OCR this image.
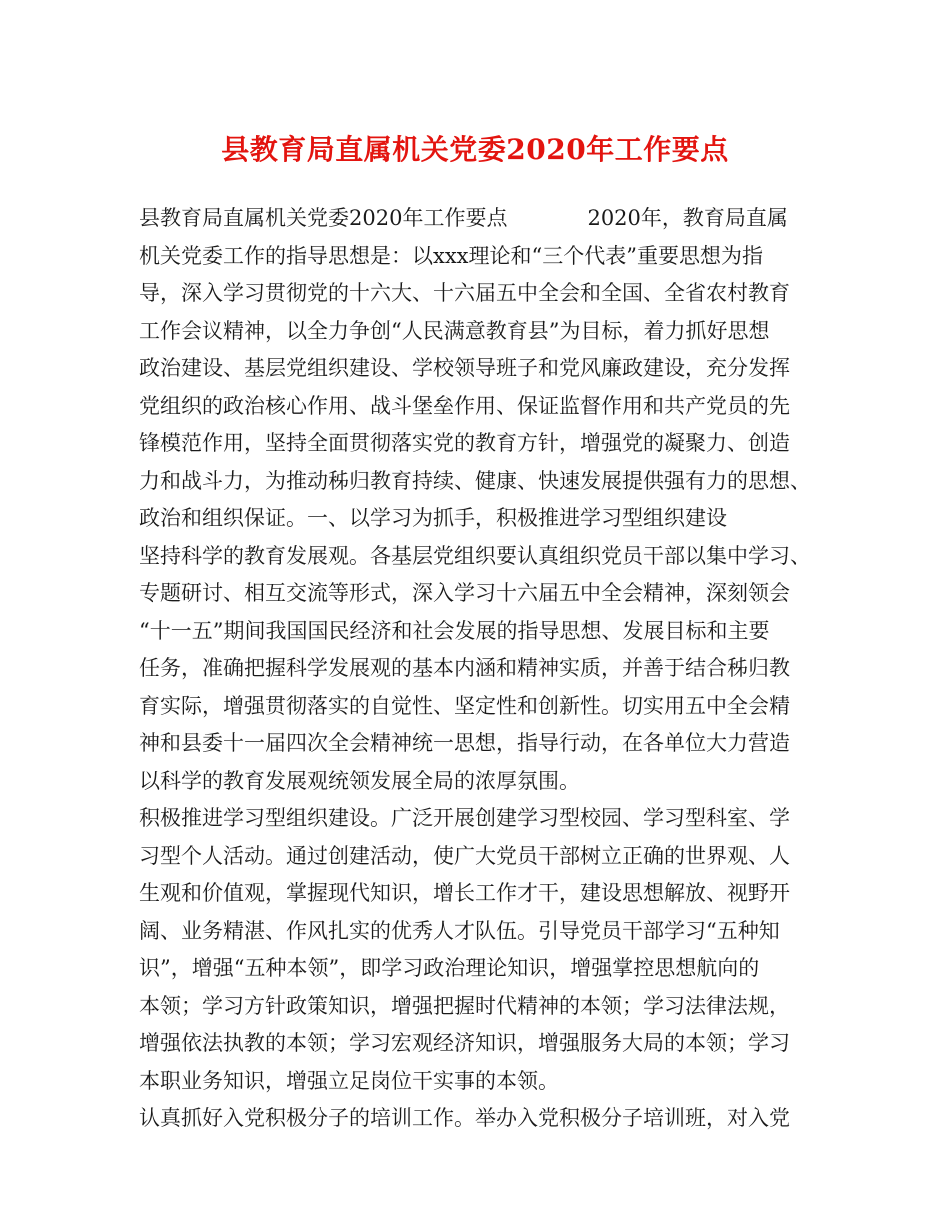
县教育局直属机关党委2020年工作要点
县教育局直属机关党委2020年工作要点	2020年，教育局直属
机关党委工作的指导思想是：以xxx理论和“三个代表”重要思想为指
导，深入学习贯彻党的十六大、十六届五中全会和全国、全省农村教育
工作会议精神，以全力争创“人民满意教育县”为目标，着力抓好思想
政治建设、基层党组织建设、学校领导班子和党风廉政建设，充分发挥
党组织的政治核心作用、战斗堡垒作用、保证监督作用和共产党员的先
锋模范作用，坚持全面贯彻落实党的教育方针，增强党的凝聚力、创造
力和战斗力，为推动秭归教育持续、健康、快速发展提供强有力的思想、
政治和组织保证。一、以学习为抓手，积极推进学习型组织建设
坚持科学的教育发展观。各基层党组织要认真组织党员干部以集中学习、
专题研讨、相互交流等形式，深入学习十六届五中全会精神，深刻领会
“十一五”期间我国国民经济和社会发展的指导思想、发展目标和主要
任务，准确把握科学发展观的基本内涵和精神实质，并善于结合秭归教
育实际，增强贯彻落实的自觉性、坚定性和创新性。切实用五中全会精
神和县委十一届四次全会精神统一思想，指导行动，在各单位大力营造
以科学的教育发展观统领发展全局的浓厚氛围。
积极推进学习型组织建设。广泛开展创建学习型校园、学习型科室、学
习型个人活动。通过创建活动，使广大党员干部树立正确的世界观、人
生观和价值观，掌握现代知识，增长工作才干，建设思想解放、视野开
阔、业务精湛、作风扎实的优秀人才队伍。引导党员干部学习“五种知
识”，增强“五种本领”，即学习政治理论知识，增强掌控思想航向的
本领；学习方针政策知识，增强把握时代精神的本领；学习法律法规，
增强依法执教的本领；学习宏观经济知识，增强服务大局的本领；学习
本职业务知识，增强立足岗位干实事的本领。
认真抓好入党积极分子的培训工作。举办入党积极分子培训班，对入党
